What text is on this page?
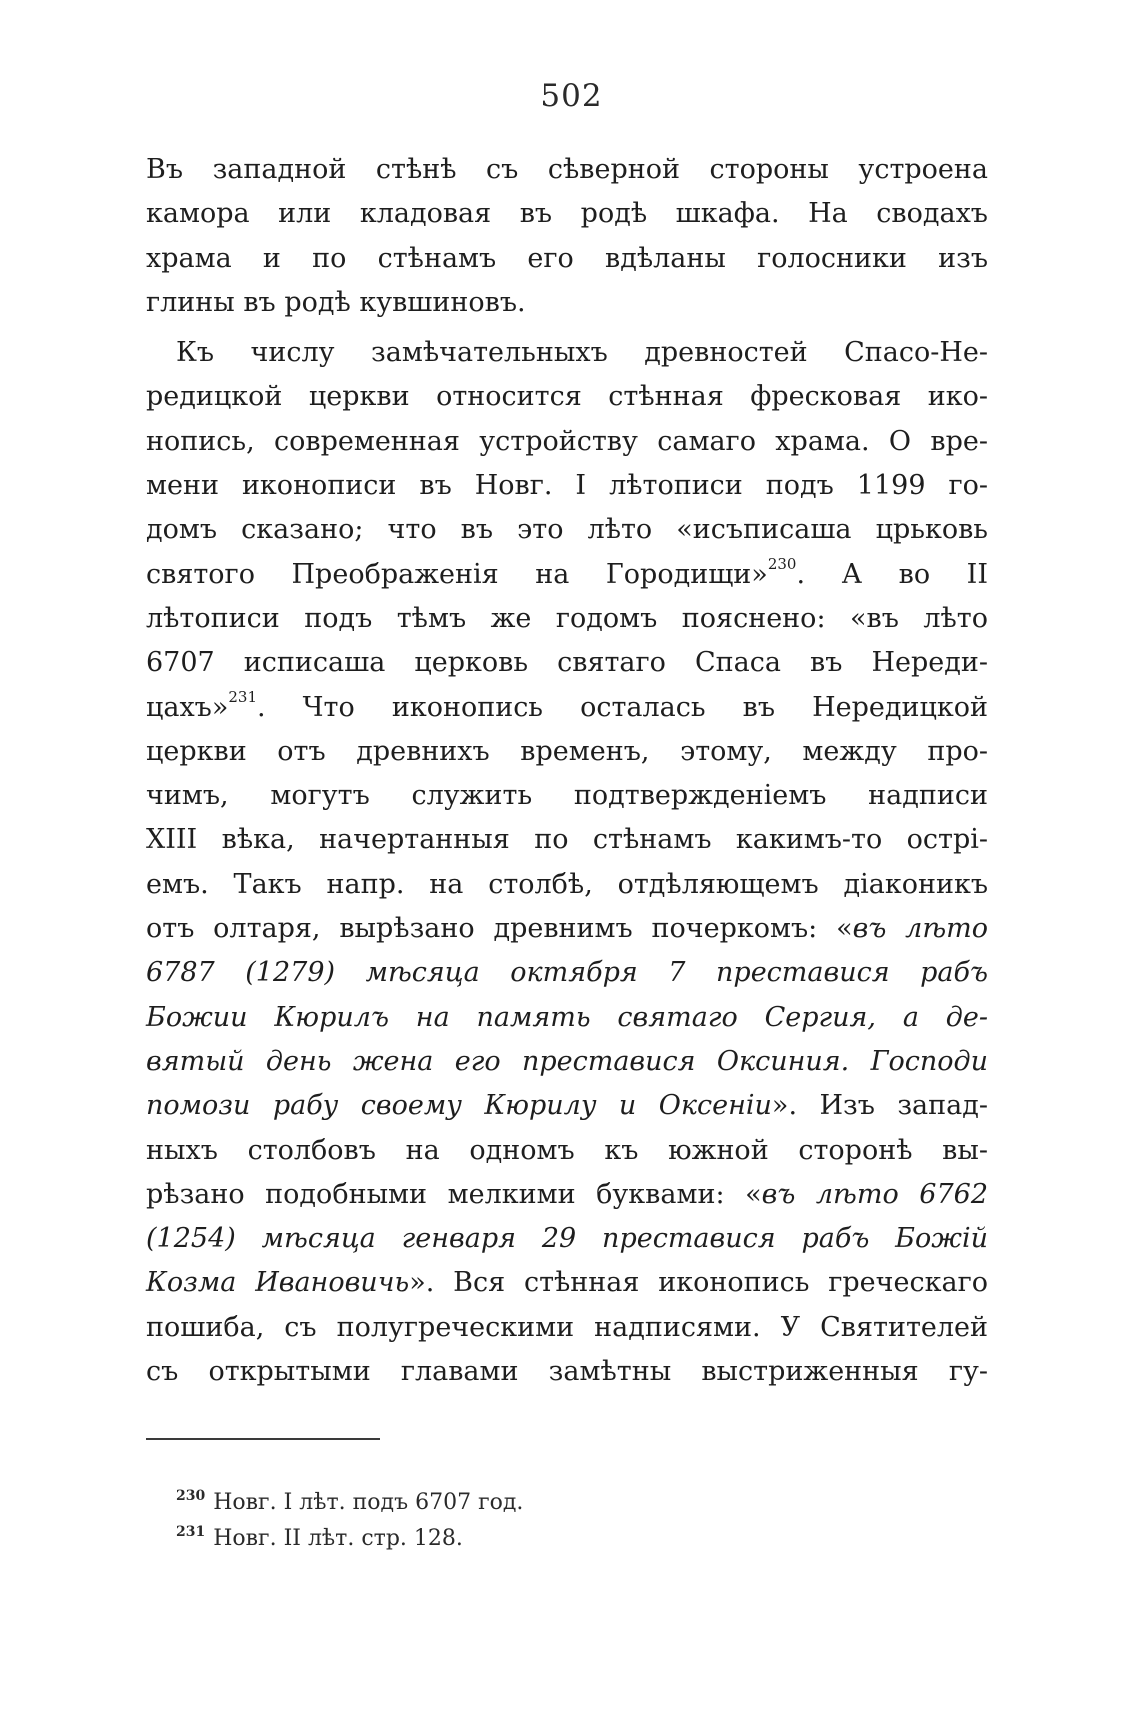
502
Въ западной стѣнѣ съ сѣверной стороны устроена
камора или кладовая въ родѣ шкафа. На сводахъ
храма и по стѣнамъ его вдѣланы голосники изъ
глины въ родѣ кувшиновъ.
Къ числу замѣчательныхъ древностей Спасо-Не-
редицкой церкви относится стѣнная фресковая ико-
нопись, современная устройству самаго храма. О вре-
мени иконописи въ Новг. I лѣтописи подъ 1199 го-
домъ сказано; что въ это лѣто «исъписаша црьковь
святого Преображенія на Городищи»$^{230}$. А во II
лѣтописи подъ тѣмъ же годомъ пояснено: «въ лѣто
6707 исписаша церковь святаго Спаса въ Нереди-
цахъ»$^{231}$. Что иконопись осталась въ Нередицкой
церкви отъ древнихъ временъ, этому, между про-
чимъ, могутъ служить подтвержденіемъ надписи
XIII вѣка, начертанныя по стѣнамъ какимъ-то острі-
емъ. Такъ напр. на столбѣ, отдѣляющемъ діаконикъ
отъ олтаря, вырѣзано древнимъ почеркомъ: «въ лѣто
6787 (1279) мѣсяца октября 7 преставися рабъ
Божии Кюрилъ на память святаго Сергия, а де-
вятый день жена его преставися Оксиния. Господи
помози рабу своему Кюрилу и Оксеніи». Изъ запад-
ныхъ столбовъ на одномъ къ южной сторонѣ вы-
рѣзано подобными мелкими буквами: «въ лѣто 6762
(1254) мѣсяца генваря 29 преставися рабъ Божій
Козма Ивановичь». Вся стѣнная иконопись греческаго
пошиба, съ полугреческими надписями. У Святителей
съ открытыми главами замѣтны выстриженныя гу-
$^{230}$ Новг. I лѣт. подъ 6707 год.
$^{231}$ Новг. II лѣт. стр. 128.
